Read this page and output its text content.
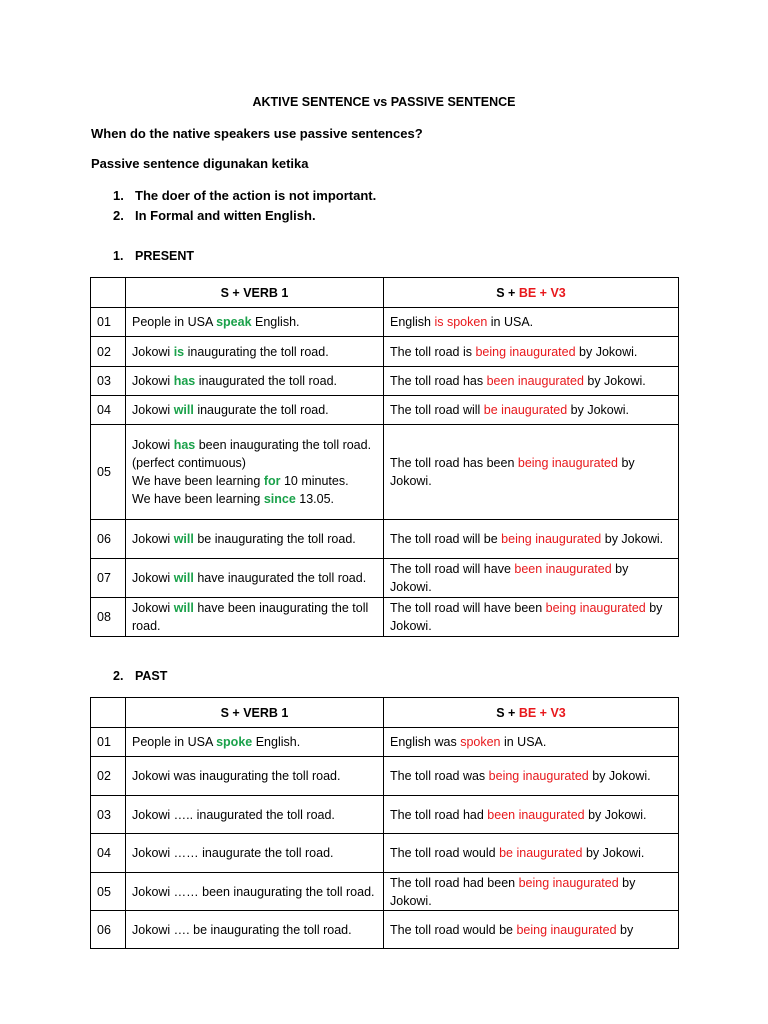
AKTIVE SENTENCE vs PASSIVE SENTENCE
When do the native speakers use passive sentences?
Passive sentence digunakan ketika
1. The doer of the action is not important.
2. In Formal and witten English.
1. PRESENT
	S + VERB 1	S + BE + V3
01	People in USA speak English.	English is spoken in USA.
02	Jokowi is inaugurating the toll road.	The toll road is being inaugurated by Jokowi.
03	Jokowi has inaugurated the toll road.	The toll road has been inaugurated by Jokowi.
04	Jokowi will inaugurate the toll road.	The toll road will be inaugurated by Jokowi.
05	Jokowi has been inaugurating the toll road. (perfect contimuous)
We have been learning for 10 minutes.
We have been learning since 13.05.	The toll road has been being inaugurated by Jokowi.
06	Jokowi will be inaugurating the toll road.	The toll road will be being inaugurated by Jokowi.
07	Jokowi will have inaugurated the toll road.	The toll road will have been inaugurated by Jokowi.
08	Jokowi will have been inaugurating the toll road.	The toll road will have been being inaugurated by Jokowi.
2. PAST
	S + VERB 1	S + BE + V3
01	People in USA spoke English.	English was spoken in USA.
02	Jokowi was inaugurating the toll road.	The toll road was being inaugurated by Jokowi.
03	Jokowi ….. inaugurated the toll road.	The toll road had been inaugurated by Jokowi.
04	Jokowi …… inaugurate the toll road.	The toll road would be inaugurated by Jokowi.
05	Jokowi …… been inaugurating the toll road.	The toll road had been being inaugurated by Jokowi.
06	Jokowi …. be inaugurating the toll road.	The toll road would be being inaugurated by
